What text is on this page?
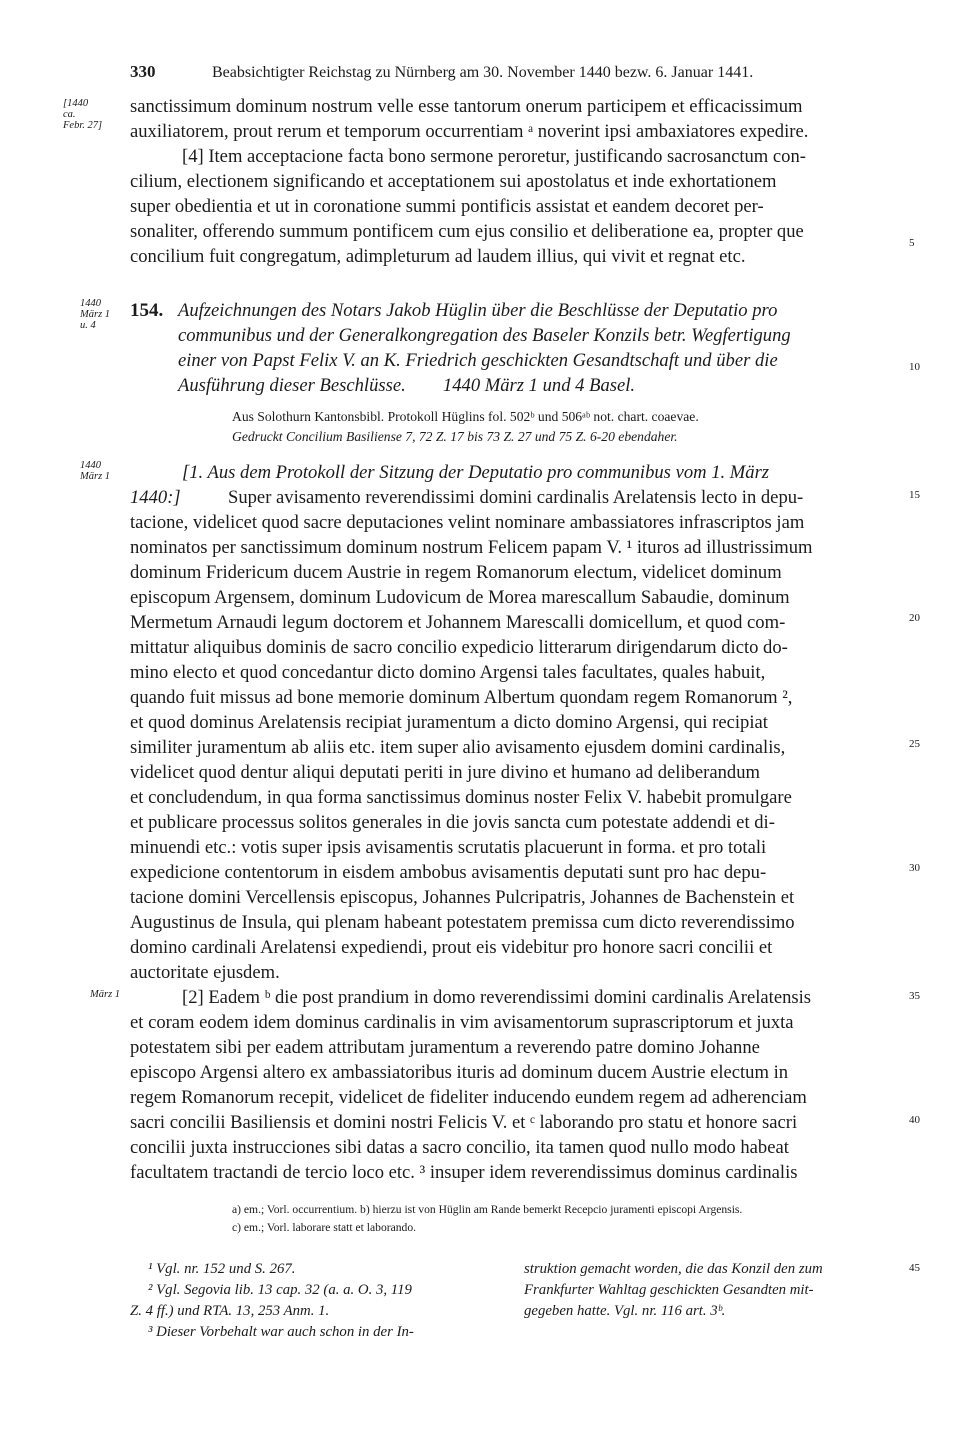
330	Beabsichtigter Reichstag zu Nürnberg am 30. November 1440 bezw. 6. Januar 1441.
[1440
ca.
Febr. 27]
1440
März 1
u. 4
1440
März 1
März 1
5
10
15
20
25
30
35
40
45
sanctissimum dominum nostrum velle esse tantorum onerum participem et efficacissimum
auxiliatorem, prout rerum et temporum occurrentiam ᵃ noverint ipsi ambaxiatores expedire.
[4] Item acceptacione facta bono sermone peroretur, justificando sacrosanctum con-
cilium, electionem significando et acceptationem sui apostolatus et inde exhortationem
super obedientia et ut in coronatione summi pontificis assistat et eandem decoret per-
sonaliter, offerendo summum pontificem cum ejus consilio et deliberatione ea, propter que
concilium fuit congregatum, adimpleturum ad laudem illius, qui vivit et regnat etc.
154. Aufzeichnungen des Notars Jakob Hüglin über die Beschlüsse der Deputatio pro
communibus und der Generalkongregation des Baseler Konzils betr. Wegfertigung
einer von Papst Felix V. an K. Friedrich geschickten Gesandtschaft und über die
Ausführung dieser Beschlüsse.        1440 März 1 und 4 Basel.
Aus Solothurn Kantonsbibl. Protokoll Hüglins fol. 502ᵇ und 506ᵃᵇ not. chart. coaevae.
Gedruckt Concilium Basiliense 7, 72 Z. 17 bis 73 Z. 27 und 75 Z. 6-20 ebendaher.
[1. Aus dem Protokoll der Sitzung der Deputatio pro communibus vom 1. März
1440:]	Super avisamento reverendissimi domini cardinalis Arelatensis lecto in depu-
tacione, videlicet quod sacre deputaciones velint nominare ambassiatores infrascriptos jam
nominatos per sanctissimum dominum nostrum Felicem papam V. ¹ ituros ad illustrissimum
dominum Fridericum ducem Austrie in regem Romanorum electum, videlicet dominum
episcopum Argensem, dominum Ludovicum de Morea marescallum Sabaudie, dominum
Mermetum Arnaudi legum doctorem et Johannem Marescalli domicellum, et quod com-
mittatur aliquibus dominis de sacro concilio expedicio litterarum dirigendarum dicto do-
mino electo et quod concedantur dicto domino Argensi tales facultates, quales habuit,
quando fuit missus ad bone memorie dominum Albertum quondam regem Romanorum ²,
et quod dominus Arelatensis recipiat juramentum a dicto domino Argensi, qui recipiat
similiter juramentum ab aliis etc. item super alio avisamento ejusdem domini cardinalis,
videlicet quod dentur aliqui deputati periti in jure divino et humano ad deliberandum
et concludendum, in qua forma sanctissimus dominus noster Felix V. habebit promulgare
et publicare processus solitos generales in die jovis sancta cum potestate addendi et di-
minuendi etc.: votis super ipsis avisamentis scrutatis placuerunt in forma. et pro totali
expedicione contentorum in eisdem ambobus avisamentis deputati sunt pro hac depu-
tacione domini Vercellensis episcopus, Johannes Pulcripatris, Johannes de Bachenstein et
Augustinus de Insula, qui plenam habeant potestatem premissa cum dicto reverendissimo
domino cardinali Arelatensi expediendi, prout eis videbitur pro honore sacri concilii et
auctoritate ejusdem.
[2] Eadem ᵇ die post prandium in domo reverendissimi domini cardinalis Arelatensis
et coram eodem idem dominus cardinalis in vim avisamentorum suprascriptorum et juxta
potestatem sibi per eadem attributam juramentum a reverendo patre domino Johanne
episcopo Argensi altero ex ambassiatoribus ituris ad dominum ducem Austrie electum in
regem Romanorum recepit, videlicet de fideliter inducendo eundem regem ad adherenciam
sacri concilii Basiliensis et domini nostri Felicis V. et ᶜ laborando pro statu et honore sacri
concilii juxta instrucciones sibi datas a sacro concilio, ita tamen quod nullo modo habeat
facultatem tractandi de tercio loco etc. ³ insuper idem reverendissimus dominus cardinalis
a) em.; Vorl. occurrentium. b) hierzu ist von Hüglin am Rande bemerkt Recepcio juramenti episcopi Argensis.
c) em.; Vorl. laborare statt et laborando.
¹ Vgl. nr. 152 und S. 267.
² Vgl. Segovia lib. 13 cap. 32 (a. a. O. 3, 119
Z. 4 ff.) und RTA. 13, 253 Anm. 1.
³ Dieser Vorbehalt war auch schon in der In-
struktion gemacht worden, die das Konzil den zum
Frankfurter Wahltag geschickten Gesandten mit-
gegeben hatte. Vgl. nr. 116 art. 3ᵇ.
